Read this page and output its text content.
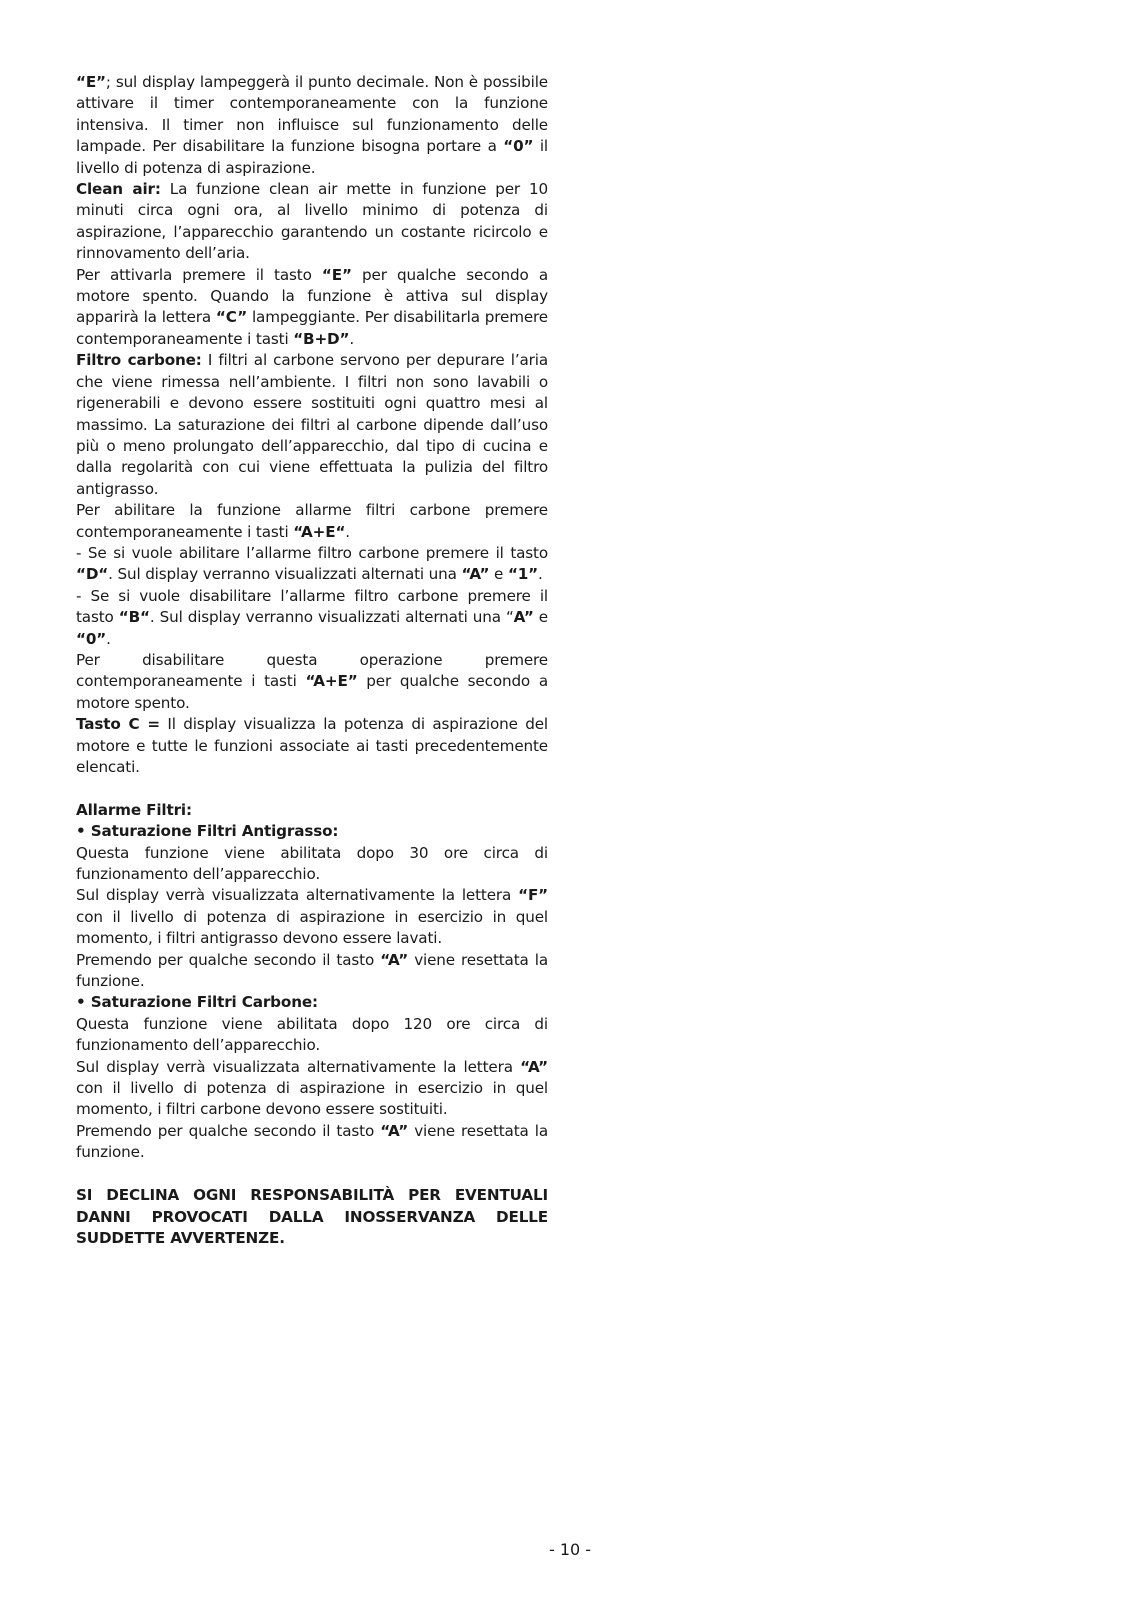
“E”; sul display lampeggerà il punto decimale. Non è possibile attivare il timer contemporaneamente con la funzione intensiva. Il timer non influisce sul funzionamento delle lampade. Per disabilitare la funzione bisogna portare a “0” il livello di potenza di aspirazione.

Clean air: La funzione clean air mette in funzione per 10 minuti circa ogni ora, al livello minimo di potenza di aspirazione, l’apparecchio garantendo un costante ricircolo e rinnovamento dell’aria.

Per attivarla premere il tasto “E” per qualche secondo a motore spento. Quando la funzione è attiva sul display apparirà la lettera “C” lampeggiante. Per disabilitarla premere contemporaneamente i tasti “B+D”.

Filtro carbone: I filtri al carbone servono per depurare l’aria che viene rimessa nell’ambiente. I filtri non sono lavabili o rigenerabili e devono essere sostituiti ogni quattro mesi al massimo. La saturazione dei filtri al carbone dipende dall’uso più o meno prolungato dell’apparecchio, dal tipo di cucina e dalla regolarità con cui viene effettuata la pulizia del filtro antigrasso.

Per abilitare la funzione allarme filtri carbone premere contemporaneamente i tasti “A+E“.

- Se si vuole abilitare l’allarme filtro carbone premere il tasto “D“. Sul display verranno visualizzati alternati una “A” e “1”.

- Se si vuole disabilitare l’allarme filtro carbone premere il tasto “B“. Sul display verranno visualizzati alternati una “A” e “0”.

Per disabilitare questa operazione premere contemporaneamente i tasti “A+E” per qualche secondo a motore spento.

Tasto C = Il display visualizza la potenza di aspirazione del motore e tutte le funzioni associate ai tasti precedentemente elencati.

Allarme Filtri:

• Saturazione Filtri Antigrasso:

Questa funzione viene abilitata dopo 30 ore circa di funzionamento dell’apparecchio.

Sul display verrà visualizzata alternativamente la lettera “F” con il livello di potenza di aspirazione in esercizio in quel momento, i filtri antigrasso devono essere lavati.

Premendo per qualche secondo il tasto “A” viene resettata la funzione.

• Saturazione Filtri Carbone:

Questa funzione viene abilitata dopo 120 ore circa di funzionamento dell’apparecchio.

Sul display verrà visualizzata alternativamente la lettera “A” con il livello di potenza di aspirazione in esercizio in quel momento, i filtri carbone devono essere sostituiti.

Premendo per qualche secondo il tasto “A” viene resettata la funzione.

SI DECLINA OGNI RESPONSABILITÀ PER EVENTUALI DANNI PROVOCATI DALLA INOSSERVANZA DELLE SUDDETTE AVVERTENZE.

- 10 -
